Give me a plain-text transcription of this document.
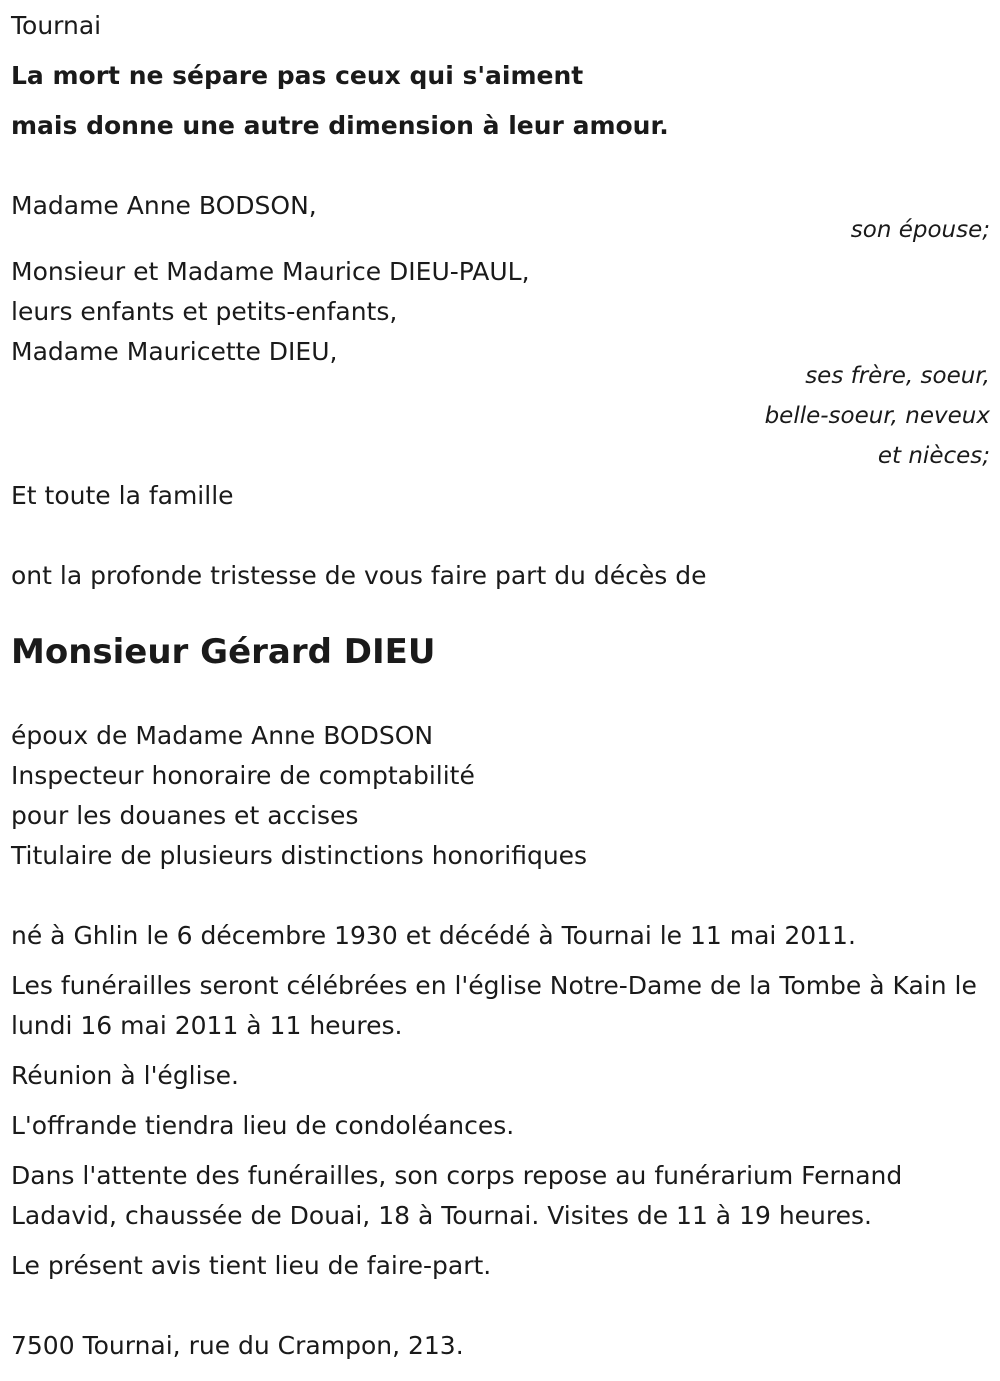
Tournai
La mort ne sépare pas ceux qui s'aiment
mais donne une autre dimension à leur amour.
Madame Anne BODSON,
son épouse;
Monsieur et Madame Maurice DIEU-PAUL,
leurs enfants et petits-enfants,
Madame Mauricette DIEU,
ses frère, soeur,
belle-soeur, neveux
et nièces;
Et toute la famille
ont la profonde tristesse de vous faire part du décès de
Monsieur Gérard DIEU
époux de Madame Anne BODSON
Inspecteur honoraire de comptabilité
pour les douanes et accises
Titulaire de plusieurs distinctions honorifiques
né à Ghlin le 6 décembre 1930 et décédé à Tournai le 11 mai 2011.
Les funérailles seront célébrées en l'église Notre-Dame de la Tombe à Kain le lundi 16 mai 2011 à 11 heures.
Réunion à l'église.
L'offrande tiendra lieu de condoléances.
Dans l'attente des funérailles, son corps repose au funérarium Fernand Ladavid, chaussée de Douai, 18 à Tournai. Visites de 11 à 19 heures.
Le présent avis tient lieu de faire-part.
7500 Tournai, rue du Crampon, 213.
